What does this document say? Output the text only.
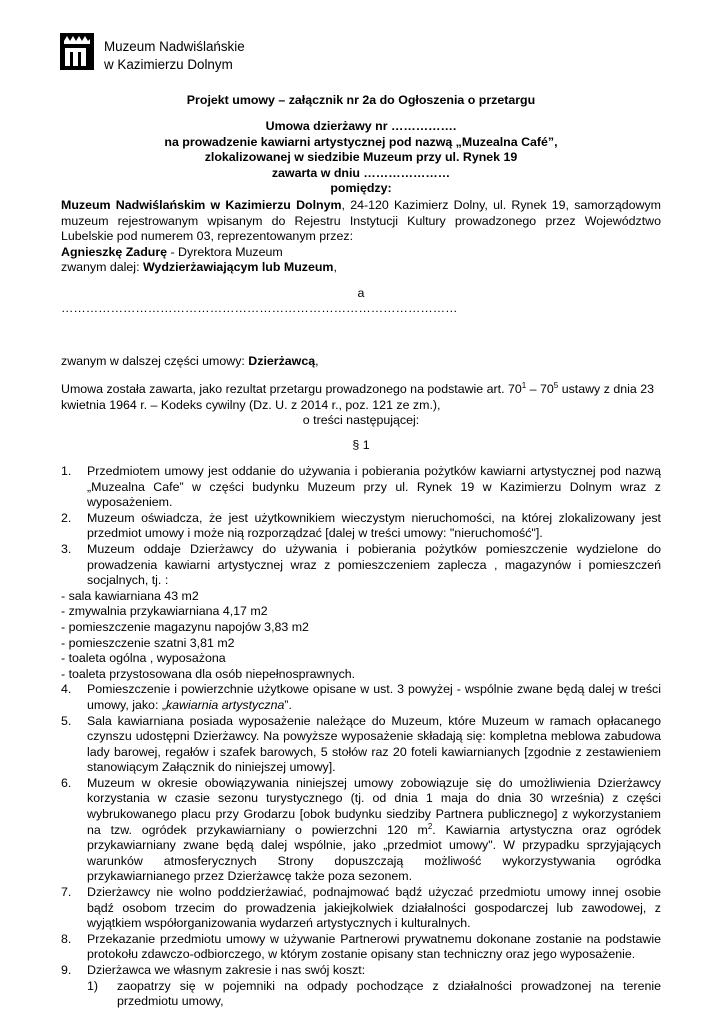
Muzeum Nadwiślańskie
w Kazimierzu Dolnym
Projekt umowy – załącznik nr 2a do Ogłoszenia o przetargu
Umowa dzierżawy nr …………….
na prowadzenie kawiarni artystycznej pod nazwą „Muzealna Café”,
zlokalizowanej w siedzibie Muzeum przy ul. Rynek 19
zawarta w dniu …………………
pomiędzy:
Muzeum Nadwiślańskim w Kazimierzu Dolnym, 24-120 Kazimierz Dolny, ul. Rynek 19, samorządowym muzeum rejestrowanym wpisanym do Rejestru Instytucji Kultury prowadzonego przez Województwo Lubelskie pod numerem 03, reprezentowanym przez:
Agnieszkę Zadurę - Dyrektora Muzeum
zwanym dalej: Wydzierżawiającym lub Muzeum,
a
……………………………………………………………………………………
zwanym w dalszej części umowy: Dzierżawcą,
Umowa została zawarta, jako rezultat przetargu prowadzonego na podstawie art. $70^1 - 70^5$ ustawy z dnia 23 kwietnia 1964 r. – Kodeks cywilny (Dz. U. z 2014 r., poz. 121 ze zm.),
o treści następującej:
§ 1
1. Przedmiotem umowy jest oddanie do używania i pobierania pożytków kawiarni artystycznej pod nazwą „Muzealna Cafe” w części budynku Muzeum przy ul. Rynek 19 w Kazimierzu Dolnym wraz z wyposażeniem.
2. Muzeum oświadcza, że jest użytkownikiem wieczystym nieruchomości, na której zlokalizowany jest przedmiot umowy i może nią rozporządzać [dalej w treści umowy: "nieruchomość"].
3. Muzeum oddaje Dzierżawcy do używania i pobierania pożytków pomieszczenie wydzielone do prowadzenia kawiarni artystycznej wraz z pomieszczeniem zaplecza , magazynów i pomieszczeń socjalnych, tj. :
- sala kawiarniana 43 m2
- zmywalnia przykawiarniana 4,17 m2
- pomieszczenie magazynu napojów 3,83 m2
- pomieszczenie szatni 3,81 m2
- toaleta ogólna , wyposażona
- toaleta przystosowana dla osób niepełnosprawnych.
4. Pomieszczenie i powierzchnie użytkowe opisane w ust. 3 powyżej - wspólnie zwane będą dalej w treści umowy, jako: „kawiarnia artystyczna”.
5. Sala kawiarniana posiada wyposażenie należące do Muzeum, które Muzeum w ramach opłacanego czynszu udostępni Dzierżawcy. Na powyższe wyposażenie składają się: kompletna meblowa zabudowa lady barowej, regałów i szafek barowych, 5 stołów raz 20 foteli kawiarnianych [zgodnie z zestawieniem stanowiącym Załącznik do niniejszej umowy].
6. Muzeum w okresie obowiązywania niniejszej umowy zobowiązuje się do umożliwienia Dzierżawcy korzystania w czasie sezonu turystycznego (tj. od dnia 1 maja do dnia 30 września) z części wybrukowanego placu przy Grodarzu [obok budynku siedziby Partnera publicznego] z wykorzystaniem na tzw. ogródek przykawiarniany o powierzchni 120 $m^2$. Kawiarnia artystyczna oraz ogródek przykawiarniany zwane będą dalej wspólnie, jako „przedmiot umowy". W przypadku sprzyjających warunków atmosferycznych Strony dopuszczają możliwość wykorzystywania ogródka przykawiarnianego przez Dzierżawcę także poza sezonem.
7. Dzierżawcy nie wolno poddzierżawiać, podnajmować bądź użyczać przedmiotu umowy innej osobie bądź osobom trzecim do prowadzenia jakiejkolwiek działalności gospodarczej lub zawodowej, z wyjątkiem współorganizowania wydarzeń artystycznych i kulturalnych.
8. Przekazanie przedmiotu umowy w używanie Partnerowi prywatnemu dokonane zostanie na podstawie protokołu zdawczo-odbiorczego, w którym zostanie opisany stan techniczny oraz jego wyposażenie.
9. Dzierżawca we własnym zakresie i nas swój koszt:
1) zaopatrzy się w pojemniki na odpady pochodzące z działalności prowadzonej na terenie przedmiotu umowy,
